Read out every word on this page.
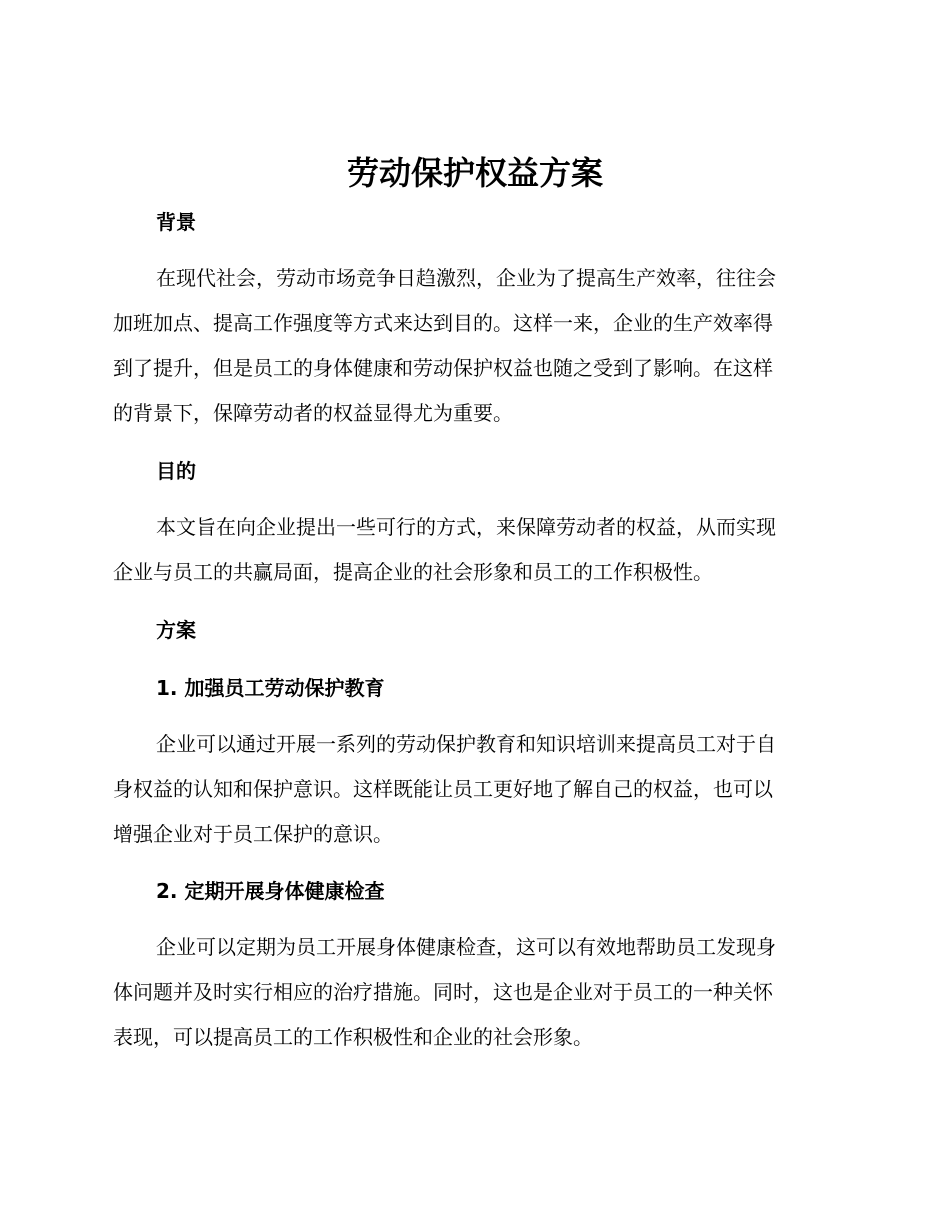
劳动保护权益方案
背景
在现代社会，劳动市场竞争日趋激烈，企业为了提高生产效率，往往会
加班加点、提高工作强度等方式来达到目的。这样一来，企业的生产效率得
到了提升，但是员工的身体健康和劳动保护权益也随之受到了影响。在这样
的背景下，保障劳动者的权益显得尤为重要。
目的
本文旨在向企业提出一些可行的方式，来保障劳动者的权益，从而实现
企业与员工的共赢局面，提高企业的社会形象和员工的工作积极性。
方案
1. 加强员工劳动保护教育
企业可以通过开展一系列的劳动保护教育和知识培训来提高员工对于自
身权益的认知和保护意识。这样既能让员工更好地了解自己的权益，也可以
增强企业对于员工保护的意识。
2. 定期开展身体健康检查
企业可以定期为员工开展身体健康检查，这可以有效地帮助员工发现身
体问题并及时实行相应的治疗措施。同时，这也是企业对于员工的一种关怀
表现，可以提高员工的工作积极性和企业的社会形象。
